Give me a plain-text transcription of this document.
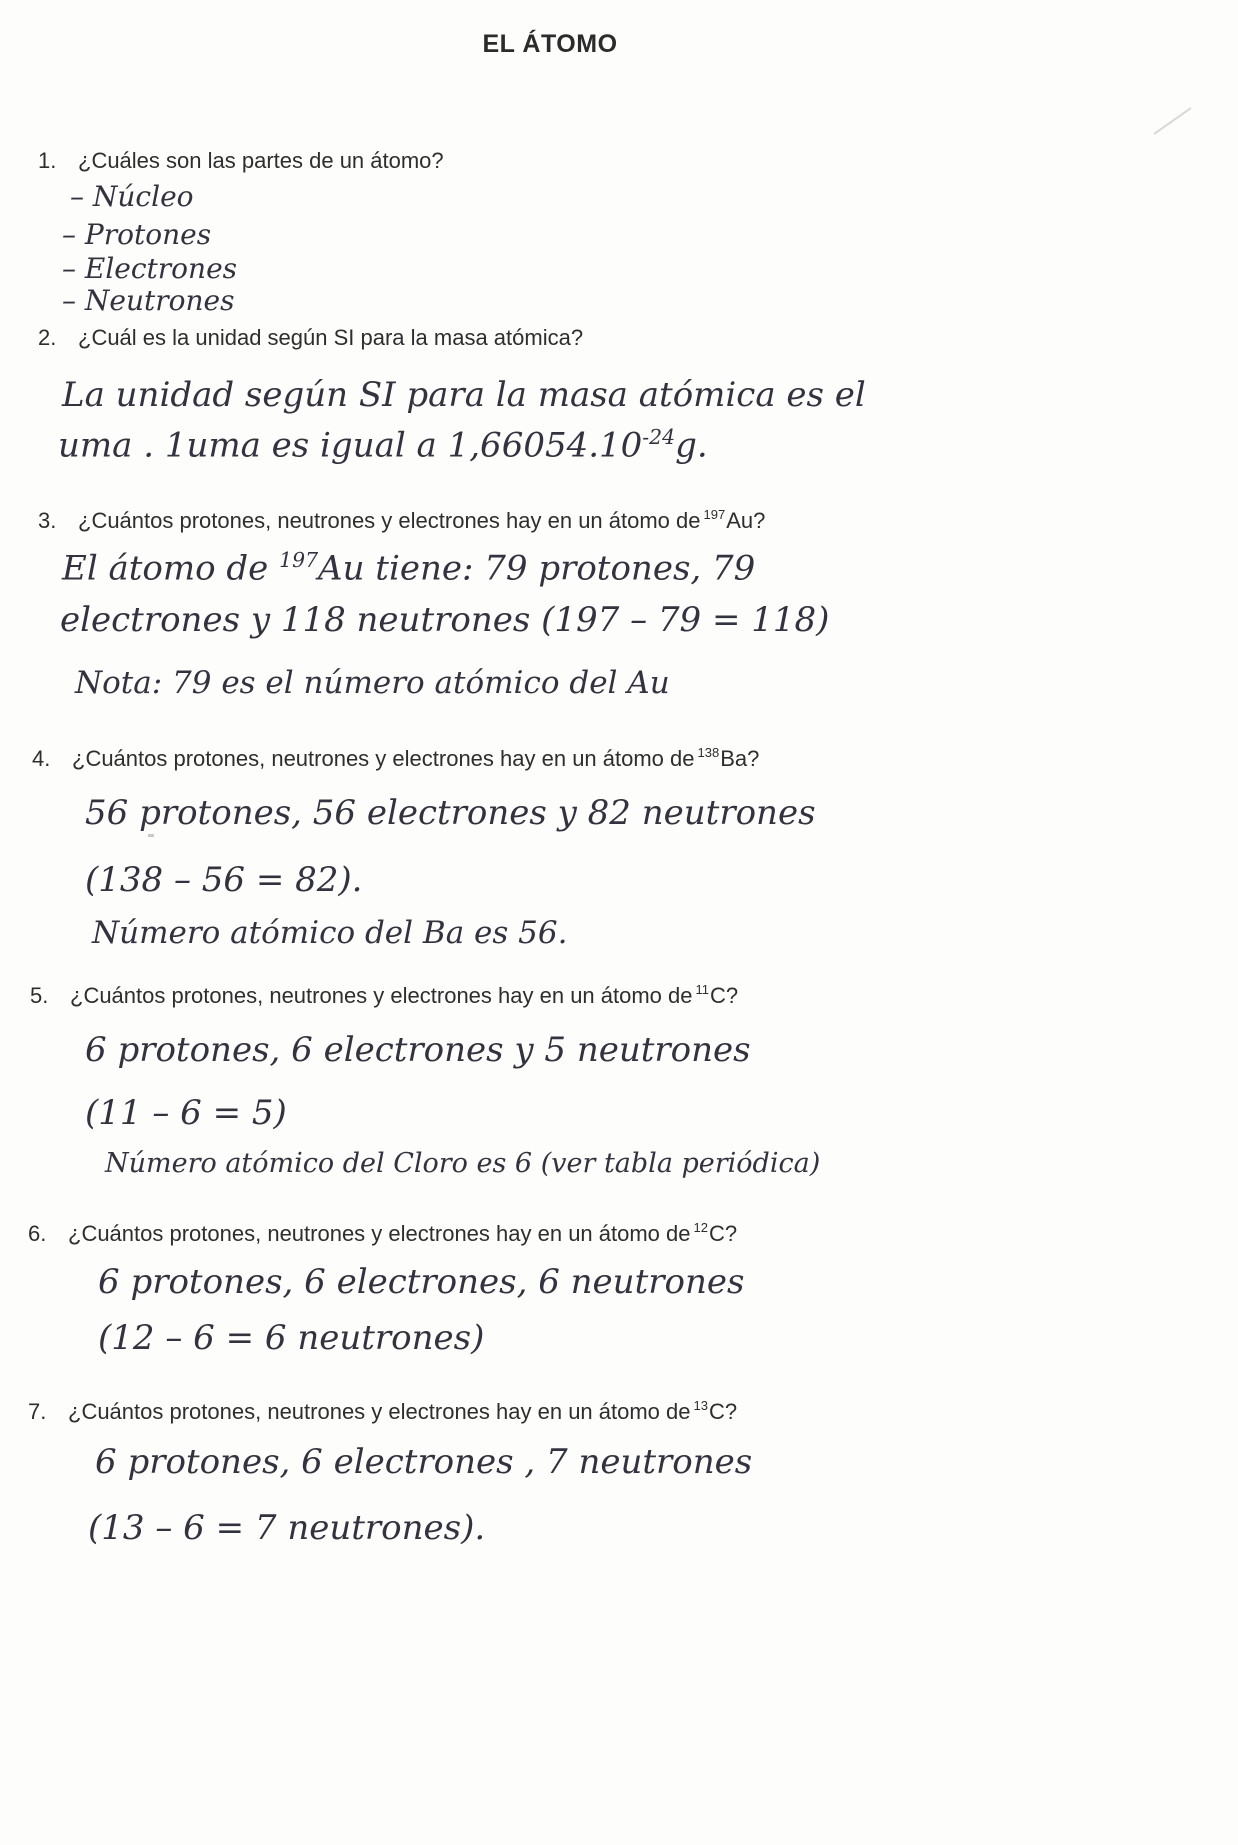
EL ÁTOMO
1. ¿Cuáles son las partes de un átomo?
– Núcleo
– Protones
– Electrones
– Neutrones
2. ¿Cuál es la unidad según SI para la masa atómica?
La unidad según SI para la masa atómica es el
uma . 1uma es igual a $1,66054.10^{-24}g$.
3. ¿Cuántos protones, neutrones y electrones hay en un átomo de $^{197}$Au?
El átomo de $^{197}$Au tiene: 79 protones, 79
electrones y 118 neutrones (197 – 79 = 118)
Nota: 79 es el número atómico del Au
4. ¿Cuántos protones, neutrones y electrones hay en un átomo de $^{138}$Ba?
56 protones, 56 electrones y 82 neutrones
(138 – 56 = 82).
Número atómico del Ba es 56.
5. ¿Cuántos protones, neutrones y electrones hay en un átomo de $^{11}$C?
6 protones, 6 electrones y 5 neutrones
(11 – 6 = 5)
Número atómico del Cloro es 6 (ver tabla periódica)
6. ¿Cuántos protones, neutrones y electrones hay en un átomo de $^{12}$C?
6 protones, 6 electrones, 6 neutrones
(12 – 6 = 6 neutrones)
7. ¿Cuántos protones, neutrones y electrones hay en un átomo de $^{13}$C?
6 protones, 6 electrones , 7 neutrones
(13 – 6 = 7 neutrones).
